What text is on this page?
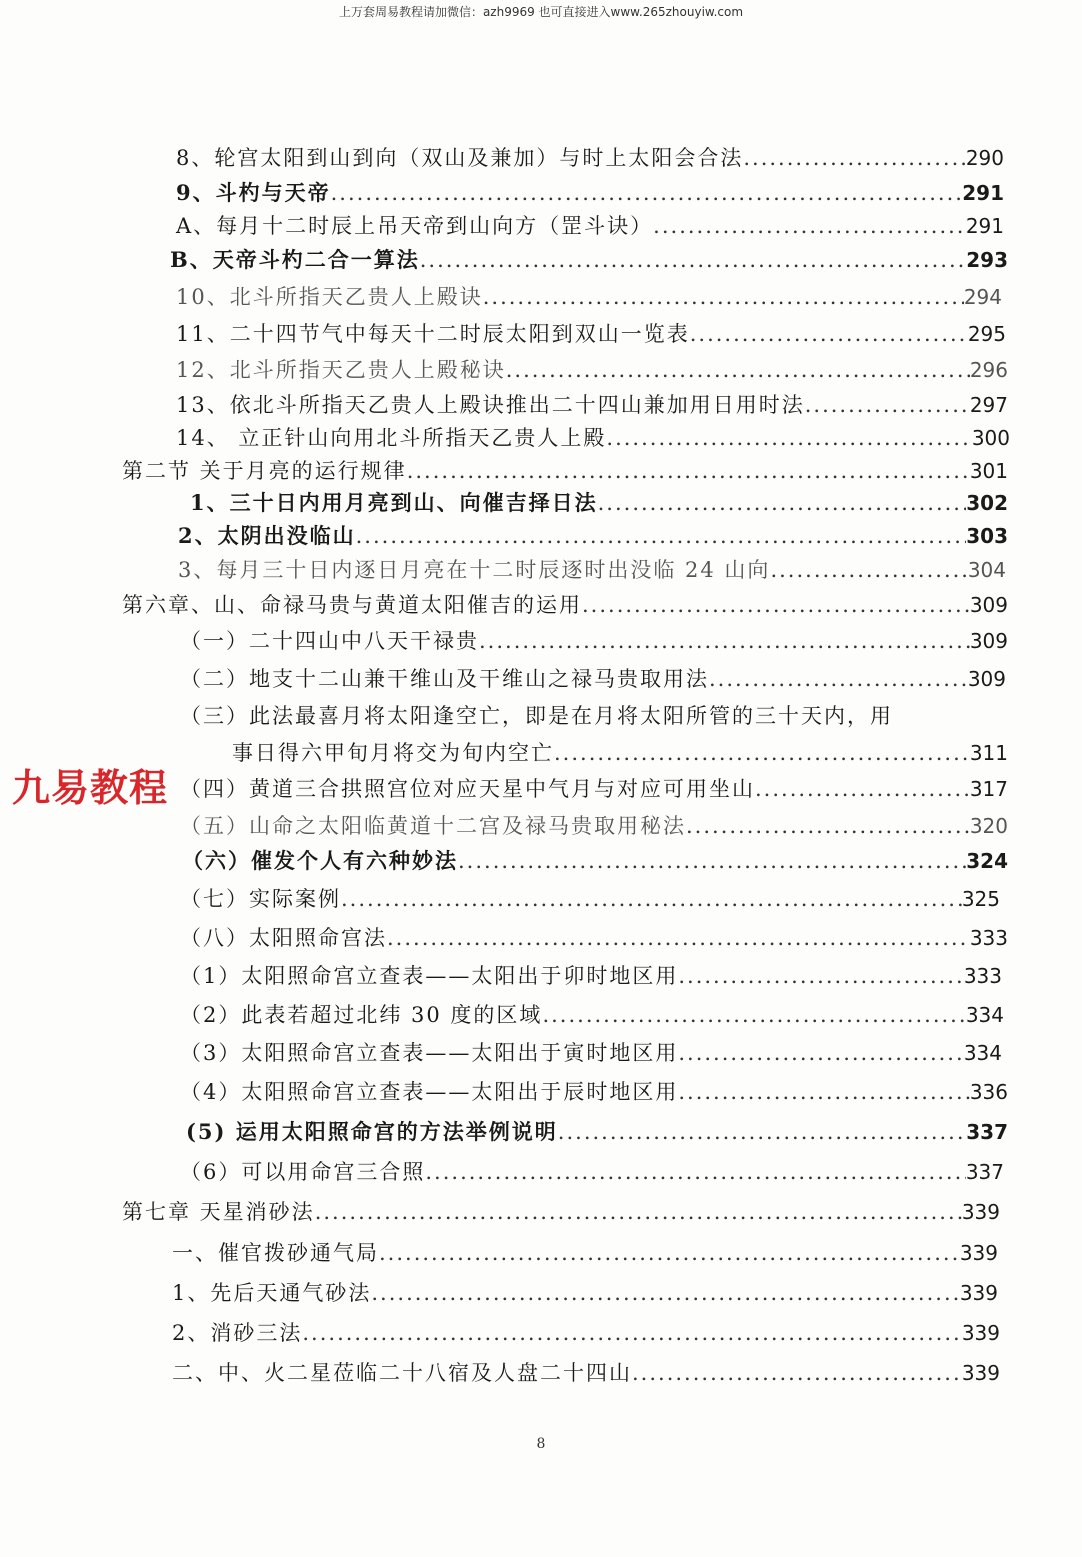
上万套周易教程请加微信：azh9969 也可直接进入www.265zhouyiw.com
8、轮宫太阳到山到向（双山及兼加）与时上太阳会合法 .....	290
9、斗杓与天帝 .....	291
A、每月十二时辰上吊天帝到山向方（罡斗诀） .....	291
B、天帝斗杓二合一算法 .....	293
10、北斗所指天乙贵人上殿诀 .....	294
11、二十四节气中每天十二时辰太阳到双山一览表 .....	295
12、北斗所指天乙贵人上殿秘诀 .....	296
13、依北斗所指天乙贵人上殿诀推出二十四山兼加用日用时法 .....	297
14、 立正针山向用北斗所指天乙贵人上殿 .....	300
第二节 关于月亮的运行规律 .....	301
1、三十日内用月亮到山、向催吉择日法 .....	302
2、太阴出没临山 .....	303
3、每月三十日内逐日月亮在十二时辰逐时出没临 24 山向 .....	304
第六章、山、命禄马贵与黄道太阳催吉的运用 .....	309
（一）二十四山中八天干禄贵 .....	309
（二）地支十二山兼干维山及干维山之禄马贵取用法 .....	309
（三）此法最喜月将太阳逢空亡，即是在月将太阳所管的三十天内，用
事日得六甲旬月将交为旬内空亡 .....	311
（四）黄道三合拱照宫位对应天星中气月与对应可用坐山 .....	317
（五）山命之太阳临黄道十二宫及禄马贵取用秘法 .....	320
（六）催发个人有六种妙法 .....	324
（七）实际案例 .....	325
（八）太阳照命宫法 .....	333
（1）太阳照命宫立查表——太阳出于卯时地区用 .....	333
（2）此表若超过北纬 30 度的区域 .....	334
（3）太阳照命宫立查表——太阳出于寅时地区用 .....	334
（4）太阳照命宫立查表——太阳出于辰时地区用 .....	336
(5) 运用太阳照命宫的方法举例说明 .....	337
（6）可以用命宫三合照 .....	337
第七章 天星消砂法 .....	339
一、催官拨砂通气局 .....	339
1、先后天通气砂法 .....	339
2、消砂三法 .....	339
二、中、火二星莅临二十八宿及人盘二十四山 .....	339
九易教程
8
